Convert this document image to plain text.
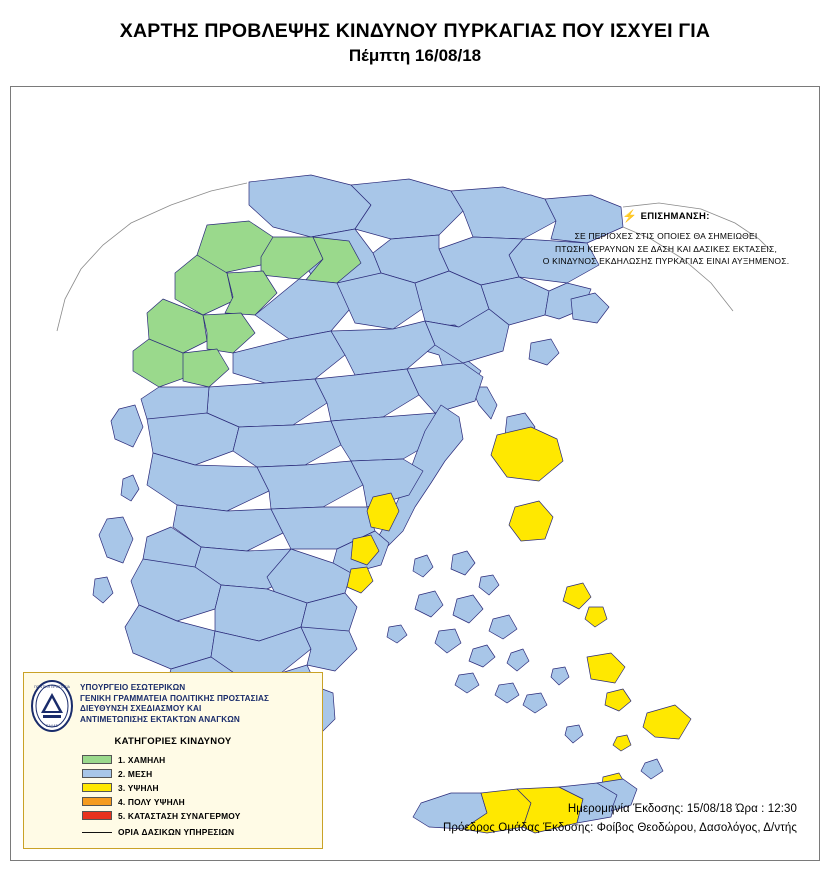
ΧΑΡΤΗΣ ΠΡΟΒΛΕΨΗΣ ΚΙΝΔΥΝΟΥ ΠΥΡΚΑΓΙΑΣ ΠΟΥ ΙΣΧΥΕΙ ΓΙΑ
Πέμπτη 16/08/18
⚡ ΕΠΙΣΗΜΑΝΣΗ:
ΣΕ ΠΕΡΙΟΧΕΣ ΣΤΙΣ ΟΠΟΙΕΣ ΘΑ ΣΗΜΕΙΩΘΕΙ
ΠΤΩΣΗ ΚΕΡΑΥΝΩΝ ΣΕ ΔΑΣΗ ΚΑΙ ΔΑΣΙΚΕΣ ΕΚΤΑΣΕΙΣ,
Ο ΚΙΝΔΥΝΟΣ ΕΚΔΗΛΩΣΗΣ ΠΥΡΚΑΓΙΑΣ ΕΙΝΑΙ ΑΥΞΗΜΕΝΟΣ.
ΠΟΛΙΤΙΚΗ ΠΡΟΣΤΑΣΙΑ
ΕΛΛΑΣ
ΥΠΟΥΡΓΕΙΟ ΕΣΩΤΕΡΙΚΩΝ
ΓΕΝΙΚΗ ΓΡΑΜΜΑΤΕΙΑ ΠΟΛΙΤΙΚΗΣ ΠΡΟΣΤΑΣΙΑΣ
ΔΙΕΥΘΥΝΣΗ ΣΧΕΔΙΑΣΜΟΥ ΚΑΙ
ΑΝΤΙΜΕΤΩΠΙΣΗΣ ΕΚΤΑΚΤΩΝ ΑΝΑΓΚΩΝ
ΚΑΤΗΓΟΡΙΕΣ ΚΙΝΔΥΝΟΥ
1. ΧΑΜΗΛΗ
2. ΜΕΣΗ
3. ΥΨΗΛΗ
4. ΠΟΛΥ ΥΨΗΛΗ
5. ΚΑΤΑΣΤΑΣΗ ΣΥΝΑΓΕΡΜΟΥ
ΟΡΙΑ ΔΑΣΙΚΩΝ ΥΠΗΡΕΣΙΩΝ
Ημερομηνία Έκδοσης: 15/08/18 Ώρα : 12:30
Πρόεδρος Ομάδας Έκδοσης: Φοίβος Θεοδώρου, Δασολόγος, Δ/ντής
